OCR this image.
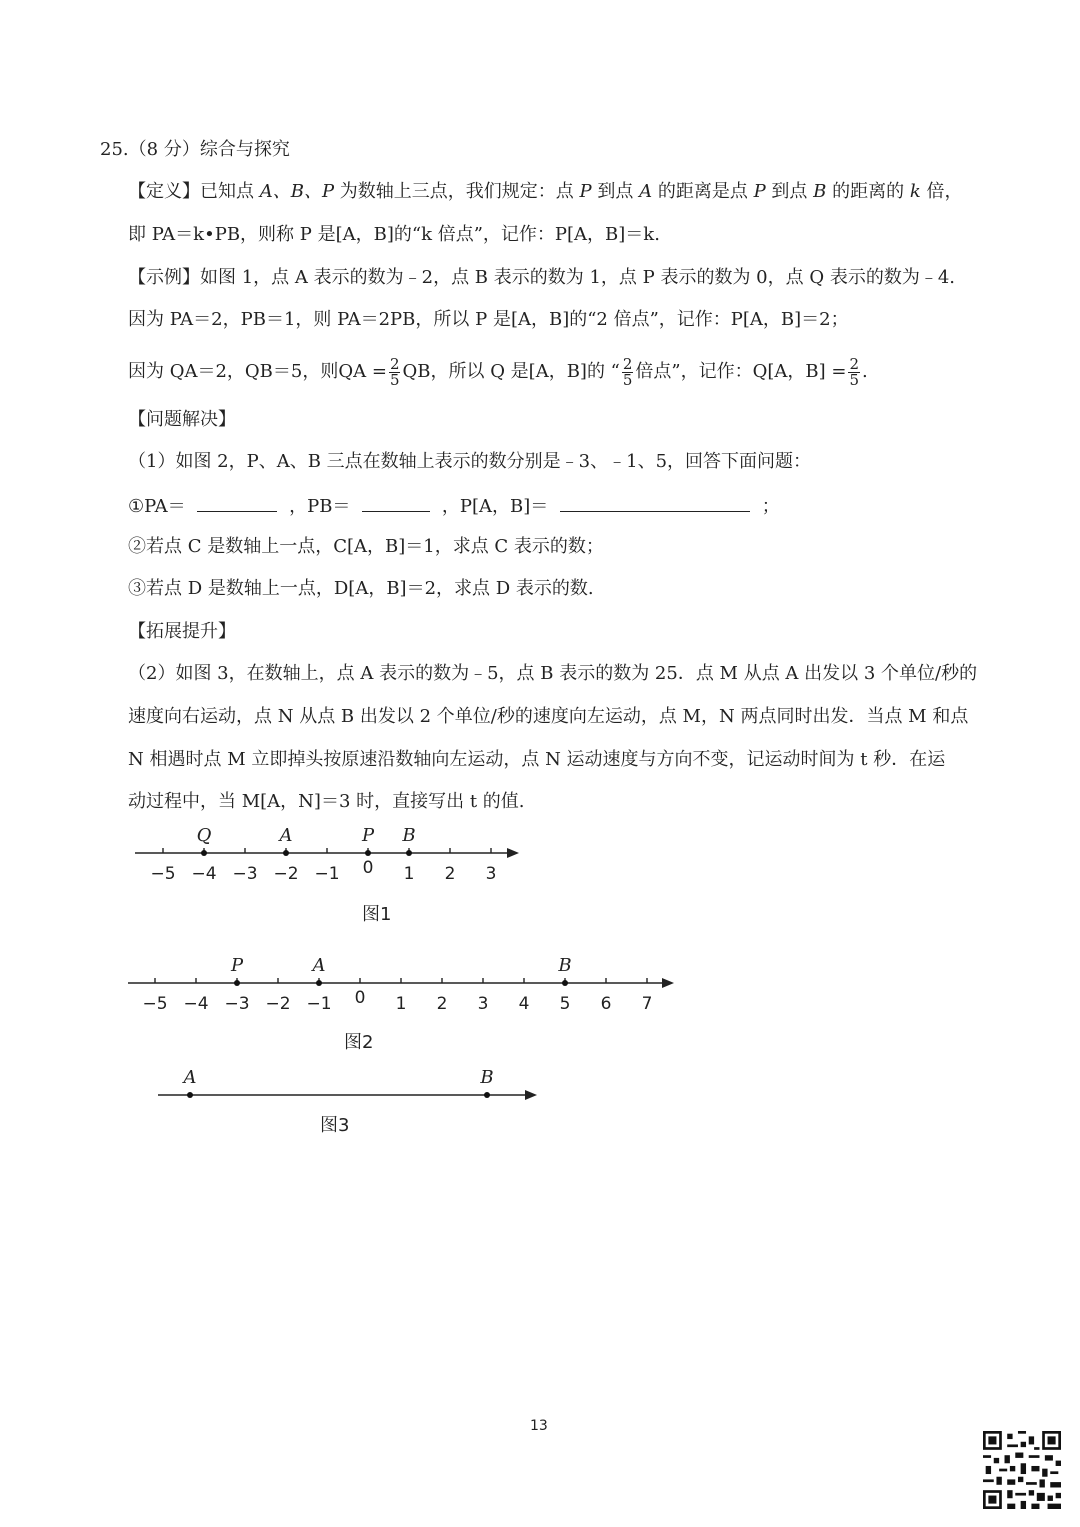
25.（8 分）综合与探究
【定义】已知点 A、B、P 为数轴上三点，我们规定：点 P 到点 A 的距离是点 P 到点 B 的距离的 k 倍，
即 PA＝k•PB，则称 P 是[A，B]的“k 倍点”，记作：P[A，B]＝k.
【示例】如图 1，点 A 表示的数为﹣2，点 B 表示的数为 1，点 P 表示的数为 0，点 Q 表示的数为﹣4.
因为 PA＝2，PB＝1，则 PA＝2PB，所以 P 是[A，B]的“2 倍点”，记作：P[A，B]＝2；
因为 QA＝2，QB＝5，则QA = $\frac{2}{5}$ QB，所以 Q 是[A，B]的 “ $\frac{2}{5}$ 倍点”，记作：Q[A，$B] = \frac{2}{5}$ .
【问题解决】
（1）如图 2，P、A、B 三点在数轴上表示的数分别是﹣3、﹣1、5，回答下面问题：
①PA＝	，PB＝	，P[A，B]＝	；
②若点 C 是数轴上一点，C[A，B]＝1，求点 C 表示的数；
③若点 D 是数轴上一点，D[A，B]＝2，求点 D 表示的数.
【拓展提升】
（2）如图 3，在数轴上，点 A 表示的数为﹣5，点 B 表示的数为 25．点 M 从点 A 出发以 3 个单位/秒的
速度向右运动，点 N 从点 B 出发以 2 个单位/秒的速度向左运动，点 M，N 两点同时出发．当点 M 和点
N 相遇时点 M 立即掉头按原速沿数轴向左运动，点 N 运动速度与方向不变，记运动时间为 t 秒．在运
动过程中，当 M[A，N]＝3 时，直接写出 t 的值.
−5 −4 −3 −2 −1 0 1 2 3
Q	A	P B
图1
−5 −4 −3 −2 −1 0 1 2 3 4 5 6 7
P	A	B
图2
A	B
图3
13
